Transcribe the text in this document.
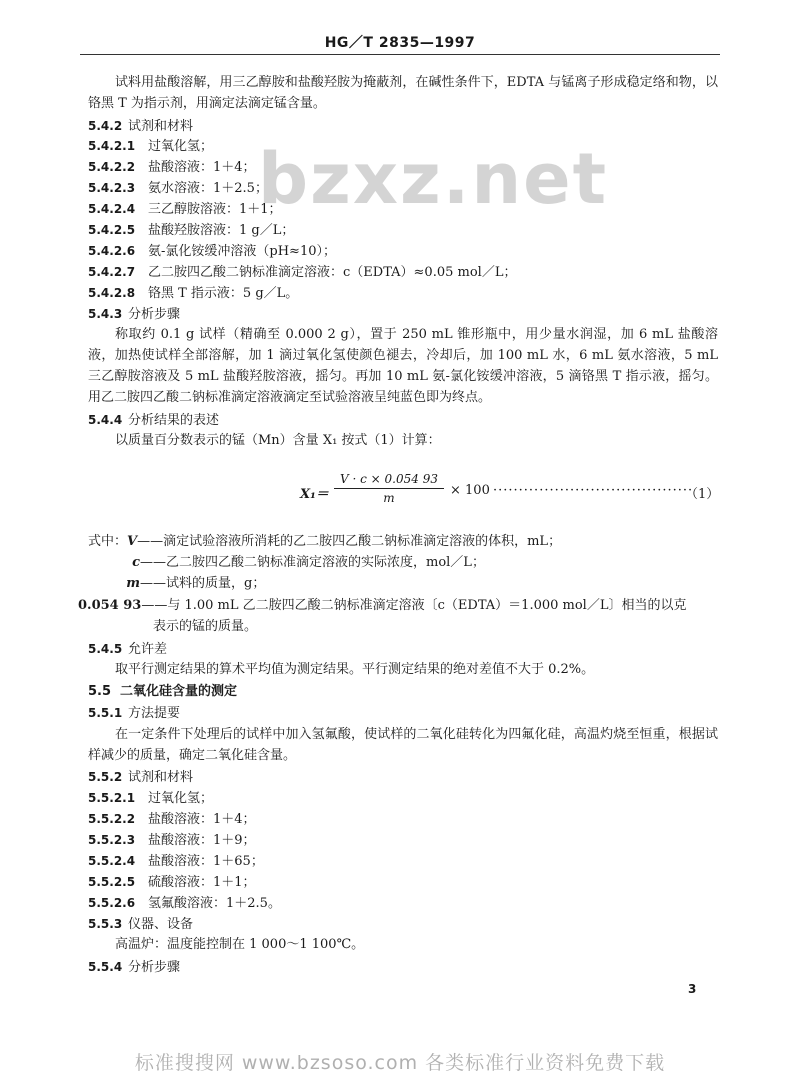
HG／T 2835—1997
bzxz.net
试料用盐酸溶解，用三乙醇胺和盐酸羟胺为掩蔽剂，在碱性条件下，EDTA 与锰离子形成稳定络和物，以铬黑 T 为指示剂，用滴定法滴定锰含量。
5.4.2 试剂和材料
5.4.2.1 过氧化氢；
5.4.2.2 盐酸溶液：1＋4；
5.4.2.3 氨水溶液：1＋2.5；
5.4.2.4 三乙醇胺溶液：1＋1；
5.4.2.5 盐酸羟胺溶液：1 g／L；
5.4.2.6 氨-氯化铵缓冲溶液（pH≈10）；
5.4.2.7 乙二胺四乙酸二钠标准滴定溶液：c（EDTA）≈0.05 mol／L；
5.4.2.8 铬黑 T 指示液：5 g／L。
5.4.3 分析步骤
称取约 0.1 g 试样（精确至 0.000 2 g），置于 250 mL 锥形瓶中，用少量水润湿，加 6 mL 盐酸溶液，加热使试样全部溶解，加 1 滴过氧化氢使颜色褪去，冷却后，加 100 mL 水，6 mL 氨水溶液，5 mL 三乙醇胺溶液及 5 mL 盐酸羟胺溶液，摇匀。再加 10 mL 氨-氯化铵缓冲溶液，5 滴铬黑 T 指示液，摇匀。用乙二胺四乙酸二钠标准滴定溶液滴定至试验溶液呈纯蓝色即为终点。
5.4.4 分析结果的表述
以质量百分数表示的锰（Mn）含量 X₁ 按式（1）计算：
$X_1= \frac{V \cdot c \times 0.054 93}{m} \times 100$ ·······································
（1）
式中：V——滴定试验溶液所消耗的乙二胺四乙酸二钠标准滴定溶液的体积，mL；
c——乙二胺四乙酸二钠标准滴定溶液的实际浓度，mol／L；
m——试料的质量，g；
0.054 93——与 1.00 mL 乙二胺四乙酸二钠标准滴定溶液〔c（EDTA）＝1.000 mol／L〕相当的以克
表示的锰的质量。
5.4.5 允许差
取平行测定结果的算术平均值为测定结果。平行测定结果的绝对差值不大于 0.2%。
5.5 二氧化硅含量的测定
5.5.1 方法提要
在一定条件下处理后的试样中加入氢氟酸，使试样的二氧化硅转化为四氟化硅，高温灼烧至恒重，根据试样减少的质量，确定二氧化硅含量。
5.5.2 试剂和材料
5.5.2.1 过氧化氢；
5.5.2.2 盐酸溶液：1＋4；
5.5.2.3 盐酸溶液：1＋9；
5.5.2.4 盐酸溶液：1＋65；
5.5.2.5 硫酸溶液：1＋1；
5.5.2.6 氢氟酸溶液：1＋2.5。
5.5.3 仪器、设备
高温炉：温度能控制在 1 000～1 100℃。
5.5.4 分析步骤
3
标准搜搜网 www.bzsoso.com 各类标准行业资料免费下载
